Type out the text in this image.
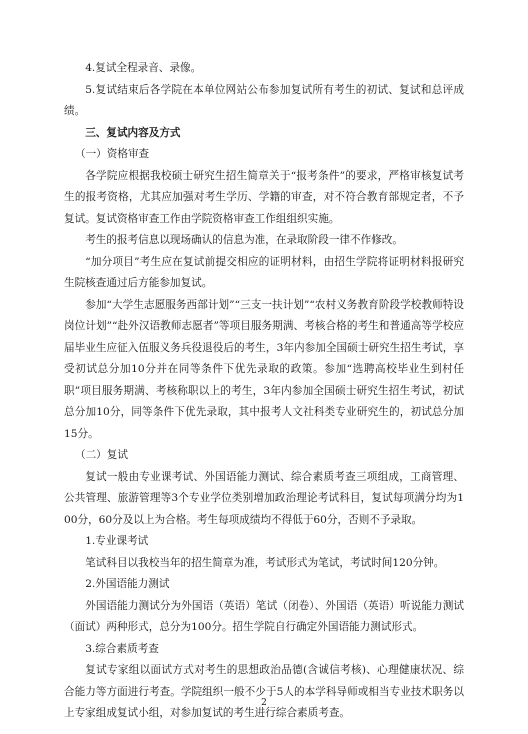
4.复试全程录音、录像。

5.复试结束后各学院在本单位网站公布参加复试所有考生的初试、复试和总评成绩。

三、复试内容及方式

（一）资格审查

各学院应根据我校硕士研究生招生简章关于“报考条件”的要求，严格审核复试考生的报考资格，尤其应加强对考生学历、学籍的审查，对不符合教育部规定者，不予复试。复试资格审查工作由学院资格审查工作组组织实施。

考生的报考信息以现场确认的信息为准，在录取阶段一律不作修改。

“加分项目”考生应在复试前提交相应的证明材料，由招生学院将证明材料报研究生院核查通过后方能参加复试。

参加“大学生志愿服务西部计划”“三支一扶计划”“农村义务教育阶段学校教师特设岗位计划”“赴外汉语教师志愿者”等项目服务期满、考核合格的考生和普通高等学校应届毕业生应征入伍服义务兵役退役后的考生，3年内参加全国硕士研究生招生考试，享受初试总分加10分并在同等条件下优先录取的政策。参加“选聘高校毕业生到村任职”项目服务期满、考核称职以上的考生，3年内参加全国硕士研究生招生考试，初试总分加10分，同等条件下优先录取，其中报考人文社科类专业研究生的，初试总分加15分。

（二）复试

复试一般由专业课考试、外国语能力测试、综合素质考查三项组成，工商管理、公共管理、旅游管理等3个专业学位类别增加政治理论考试科目，复试每项满分均为100分，60分及以上为合格。考生每项成绩均不得低于60分，否则不予录取。

1.专业课考试

笔试科目以我校当年的招生简章为准，考试形式为笔试，考试时间120分钟。

2.外国语能力测试

外国语能力测试分为外国语（英语）笔试（闭卷）、外国语（英语）听说能力测试（面试）两种形式，总分为100分。招生学院自行确定外国语能力测试形式。

3.综合素质考查

复试专家组以面试方式对考生的思想政治品德(含诚信考核)、心理健康状况、综合能力等方面进行考查。学院组织一般不少于5人的本学科导师或相当专业技术职务以上专家组成复试小组，对参加复试的考生进行综合素质考查。

2
